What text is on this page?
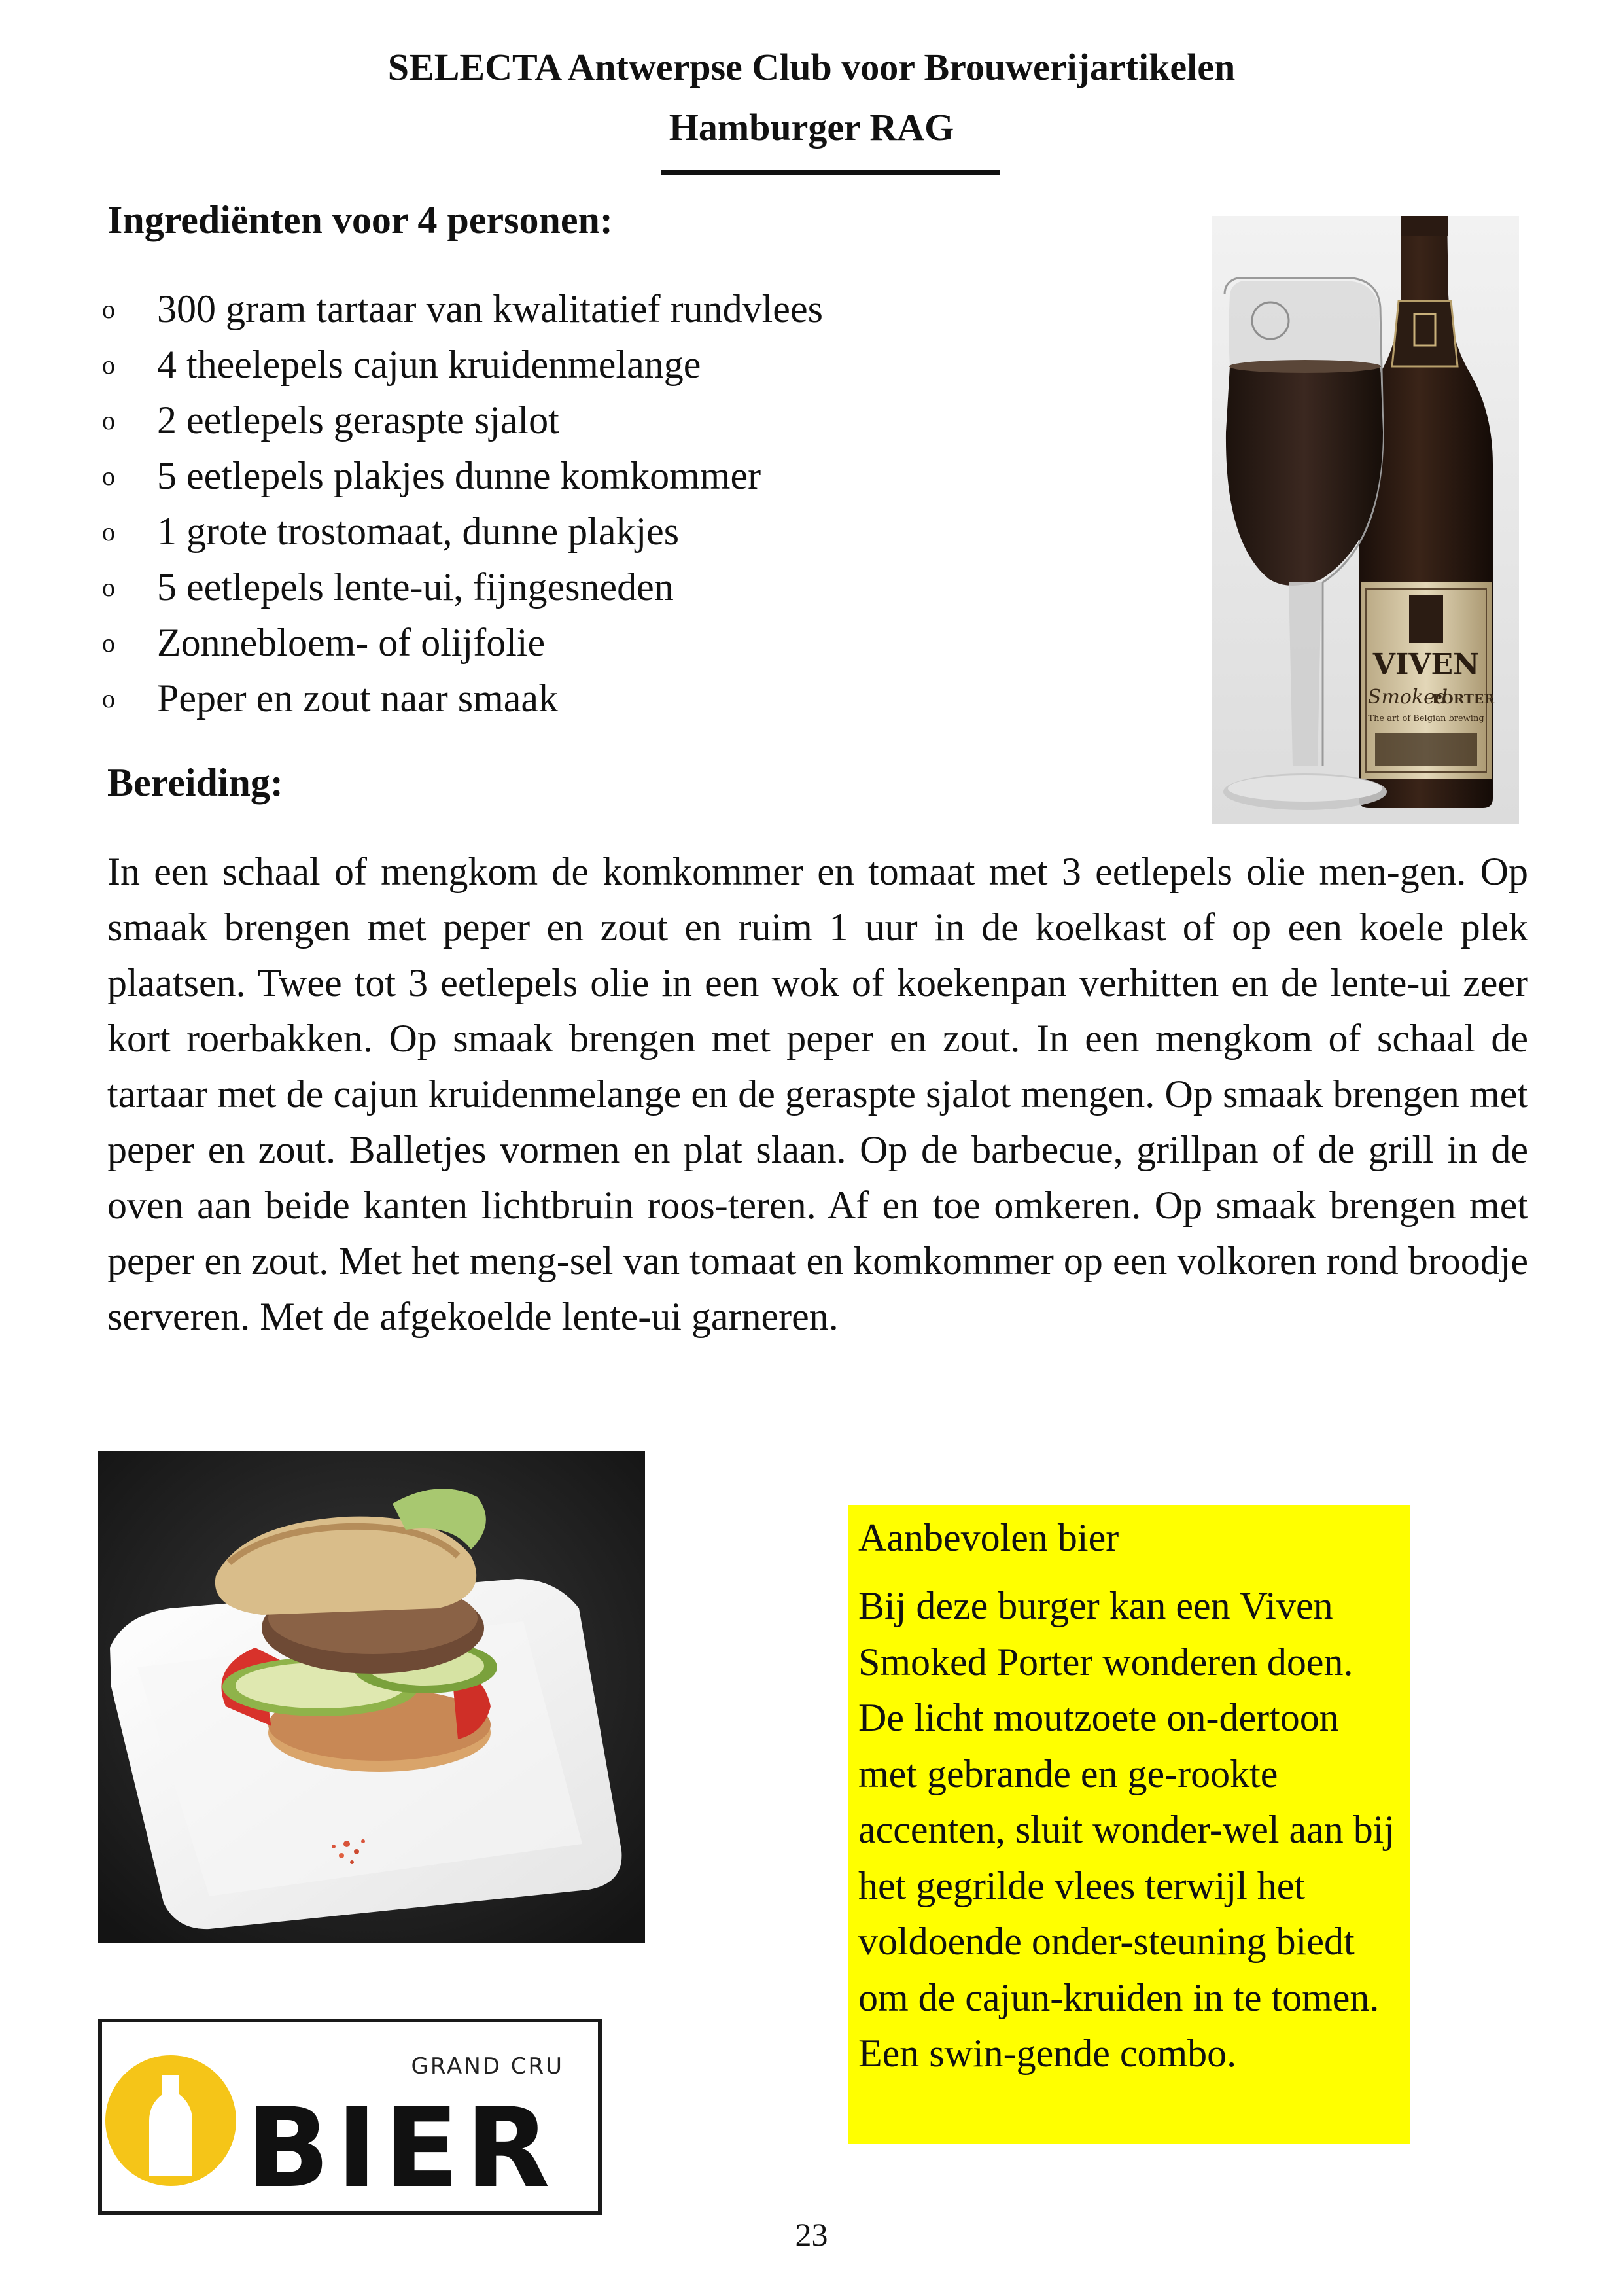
SELECTA Antwerpse Club voor Brouwerijartikelen
Hamburger RAG
Ingrediënten voor 4 personen:
o	300 gram tartaar van kwalitatief rundvlees
o	4 theelepels cajun kruidenmelange
o	2 eetlepels geraspte sjalot
o	5 eetlepels plakjes dunne komkommer
o	1 grote trostomaat, dunne plakjes
o	5 eetlepels lente-ui, fijngesneden
o	Zonnebloem- of olijfolie
o	Peper en zout naar smaak
VIVEN
Smoked
PORTER
The art of Belgian brewing
Bereiding:
In een schaal of mengkom de komkommer en tomaat met 3 eetlepels olie men-gen. Op smaak brengen met peper en zout en ruim 1 uur in de koelkast of op een koele plek plaatsen. Twee tot 3 eetlepels olie in een wok of koekenpan verhitten en de lente-ui zeer kort roerbakken. Op smaak brengen met peper en zout. In een mengkom of schaal de tartaar met de cajun kruidenmelange en de geraspte sjalot mengen. Op smaak brengen met peper en zout. Balletjes vormen en plat slaan. Op de barbecue, grillpan of de grill in de oven aan beide kanten lichtbruin roos-teren. Af en toe omkeren. Op smaak brengen met peper en zout. Met het meng-sel van tomaat en komkommer op een volkoren rond broodje serveren. Met de afgekoelde lente-ui garneren.
Aanbevolen bier
Bij deze burger kan een Viven Smoked Porter wonderen doen. De licht moutzoete on-dertoon met gebrande en ge-rookte accenten, sluit wonder-wel aan bij het gegrilde vlees terwijl het voldoende onder-steuning biedt om de cajun-kruiden in te tomen. Een swin-gende combo.
GRAND CRU
BIER
23
